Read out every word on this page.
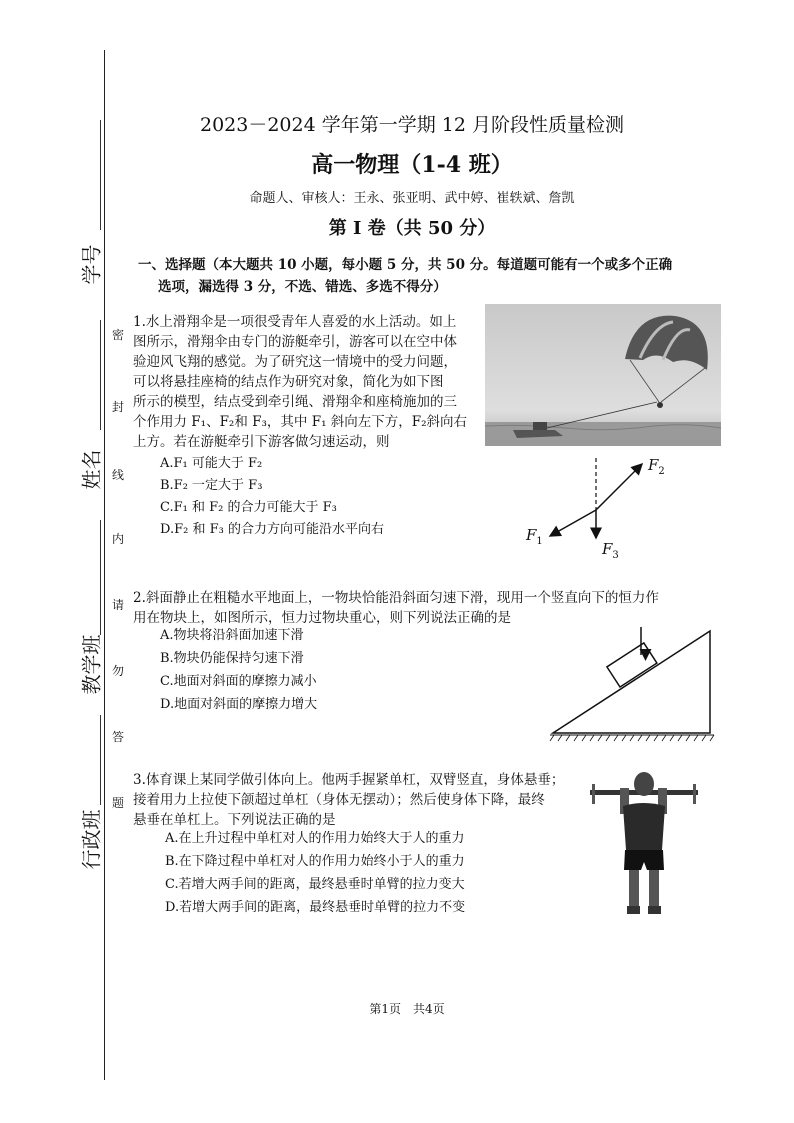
密
封
线
内
请
勿
答
题
学号
姓名
教学班
行政班
2023－2024 学年第一学期 12 月阶段性质量检测
高一物理（1-4 班）
命题人、审核人：王永、张亚明、武中婷、崔轶斌、詹凯
第 I 卷（共 50 分）
一、选择题（本大题共 10 小题，每小题 5 分，共 50 分。每道题可能有一个或多个正确
选项，漏选得 3 分，不选、错选、多选不得分）
1.水上滑翔伞是一项很受青年人喜爱的水上活动。如上
图所示，滑翔伞由专门的游艇牵引，游客可以在空中体
验迎风飞翔的感觉。为了研究这一情境中的受力问题，
可以将悬挂座椅的结点作为研究对象，简化为如下图
所示的模型，结点受到牵引绳、滑翔伞和座椅施加的三
个作用力 F₁、F₂和 F₃，其中 F₁ 斜向左下方，F₂斜向右
上方。若在游艇牵引下游客做匀速运动，则
A.F₁ 可能大于 F₂
B.F₂ 一定大于 F₃
C.F₁ 和 F₂ 的合力可能大于 F₃
D.F₂ 和 F₃ 的合力方向可能沿水平向右
$F_2$
$F_1$	$F_3$
2.斜面静止在粗糙水平地面上，一物块恰能沿斜面匀速下滑，现用一个竖直向下的恒力作
用在物块上，如图所示，恒力过物块重心，则下列说法正确的是
A.物块将沿斜面加速下滑
B.物块仍能保持匀速下滑
C.地面对斜面的摩擦力减小
D.地面对斜面的摩擦力增大
3.体育课上某同学做引体向上。他两手握紧单杠，双臂竖直，身体悬垂；
接着用力上拉使下颌超过单杠（身体无摆动）；然后使身体下降，最终
悬垂在单杠上。下列说法正确的是
A.在上升过程中单杠对人的作用力始终大于人的重力
B.在下降过程中单杠对人的作用力始终小于人的重力
C.若增大两手间的距离，最终悬垂时单臂的拉力变大
D.若增大两手间的距离，最终悬垂时单臂的拉力不变
第1页　共4页
